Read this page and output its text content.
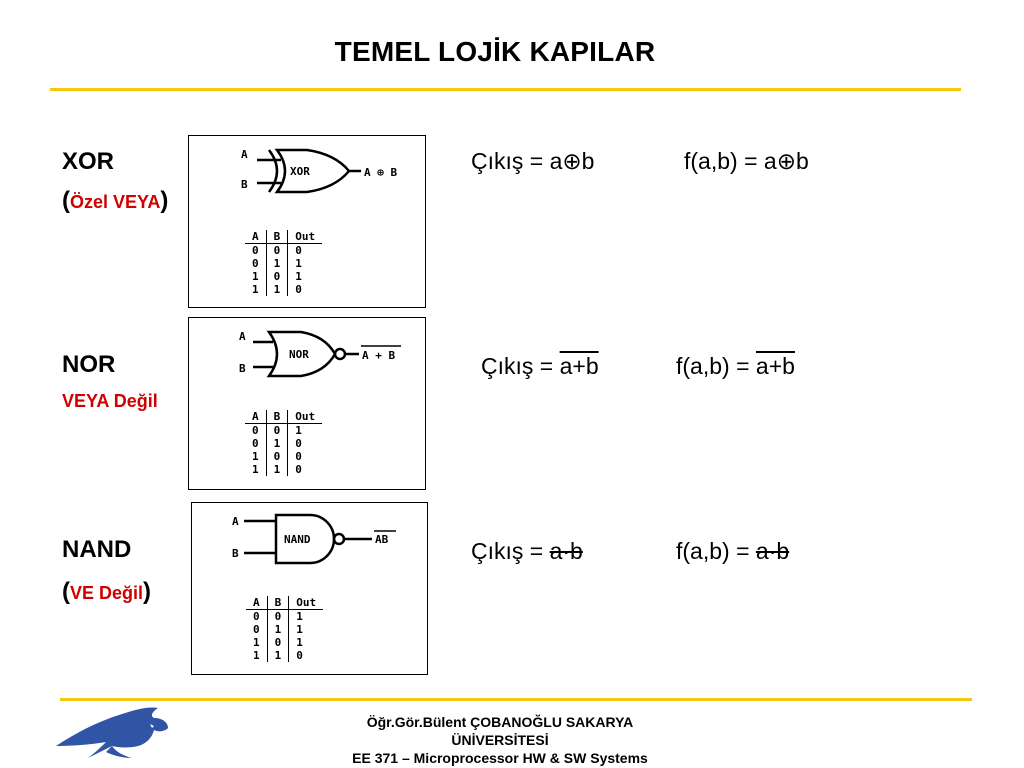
TEMEL LOJİK KAPILAR
XOR
(Özel VEYA)
A
B
XOR	A ⊕ B
A	B	Out
0	0	0
0	1	1
1	0	1
1	1	0
Çıkış = a⊕b	f(a,b) = a⊕b
NOR
VEYA Değil
A
B
NOR	A + B
A	B	Out
0	0	1
0	1	0
1	0	0
1	1	0
Çıkış = a+b	f(a,b) = a+b
NAND
(VE Değil)
A
B
NAND	AB
A	B	Out
0	0	1
0	1	1
1	0	1
1	1	0
Çıkış = a·b	f(a,b) = a·b
Öğr.Gör.Bülent ÇOBANOĞLU SAKARYA
ÜNİVERSİTESİ
EE 371 – Microprocessor HW & SW Systems
